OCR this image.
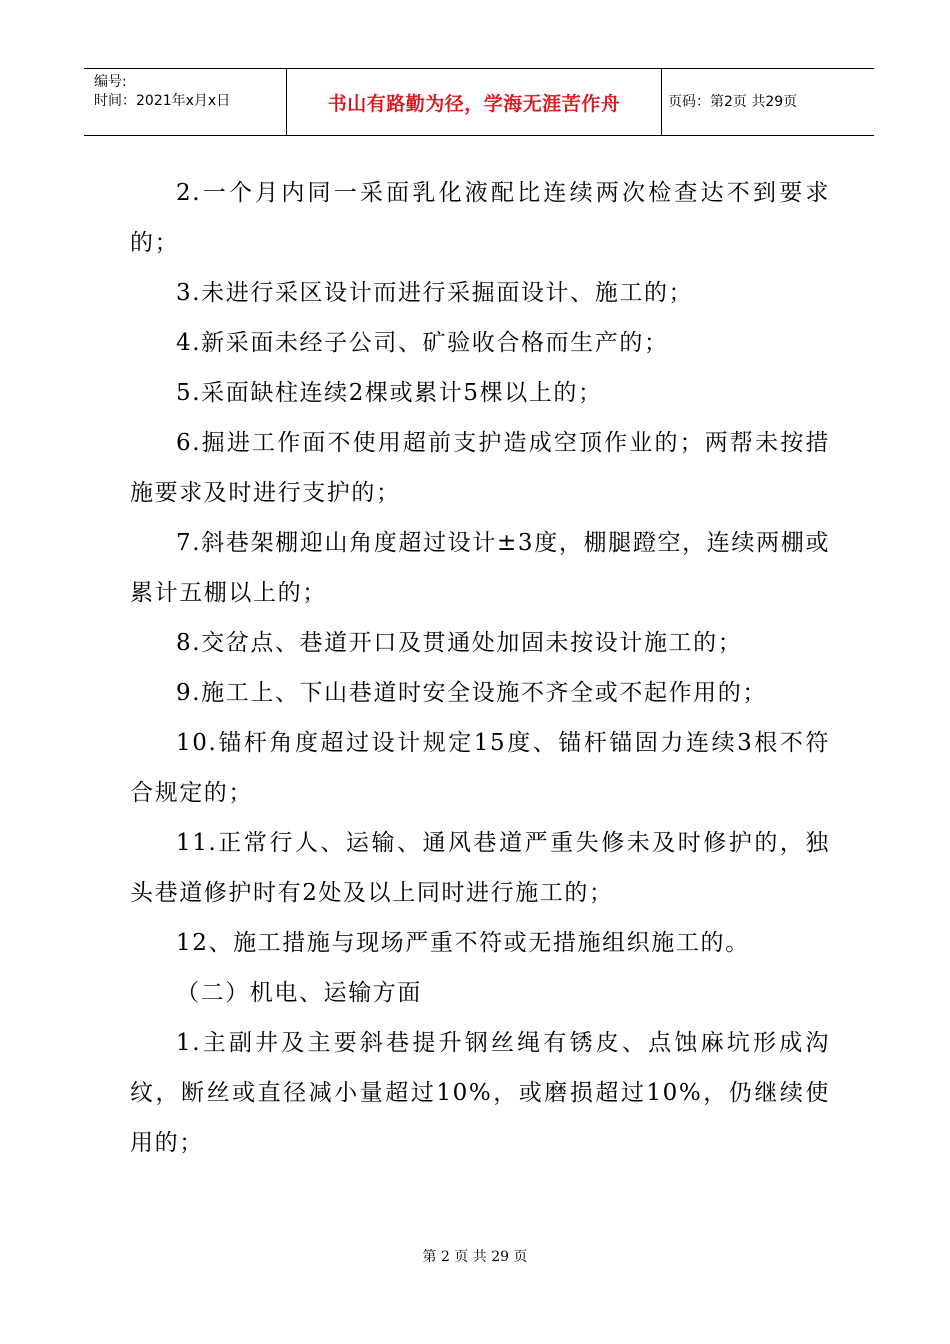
编号:
时间：2021年x月x日	书山有路勤为径，学海无涯苦作舟	页码：第2页 共29页

2.一个月内同一采面乳化液配比连续两次检查达不到要求的；

3.未进行采区设计而进行采掘面设计、施工的；

4.新采面未经子公司、矿验收合格而生产的；

5.采面缺柱连续2棵或累计5棵以上的；

6.掘进工作面不使用超前支护造成空顶作业的；两帮未按措施要求及时进行支护的；

7.斜巷架棚迎山角度超过设计±3度，棚腿蹬空，连续两棚或累计五棚以上的；

8.交岔点、巷道开口及贯通处加固未按设计施工的；

9.施工上、下山巷道时安全设施不齐全或不起作用的；

10.锚杆角度超过设计规定15度、锚杆锚固力连续3根不符合规定的；

11.正常行人、运输、通风巷道严重失修未及时修护的，独头巷道修护时有2处及以上同时进行施工的；

12、施工措施与现场严重不符或无措施组织施工的。

（二）机电、运输方面

1.主副井及主要斜巷提升钢丝绳有锈皮、点蚀麻坑形成沟纹，断丝或直径减小量超过10%，或磨损超过10%，仍继续使用的；

第 2 页 共 29 页
